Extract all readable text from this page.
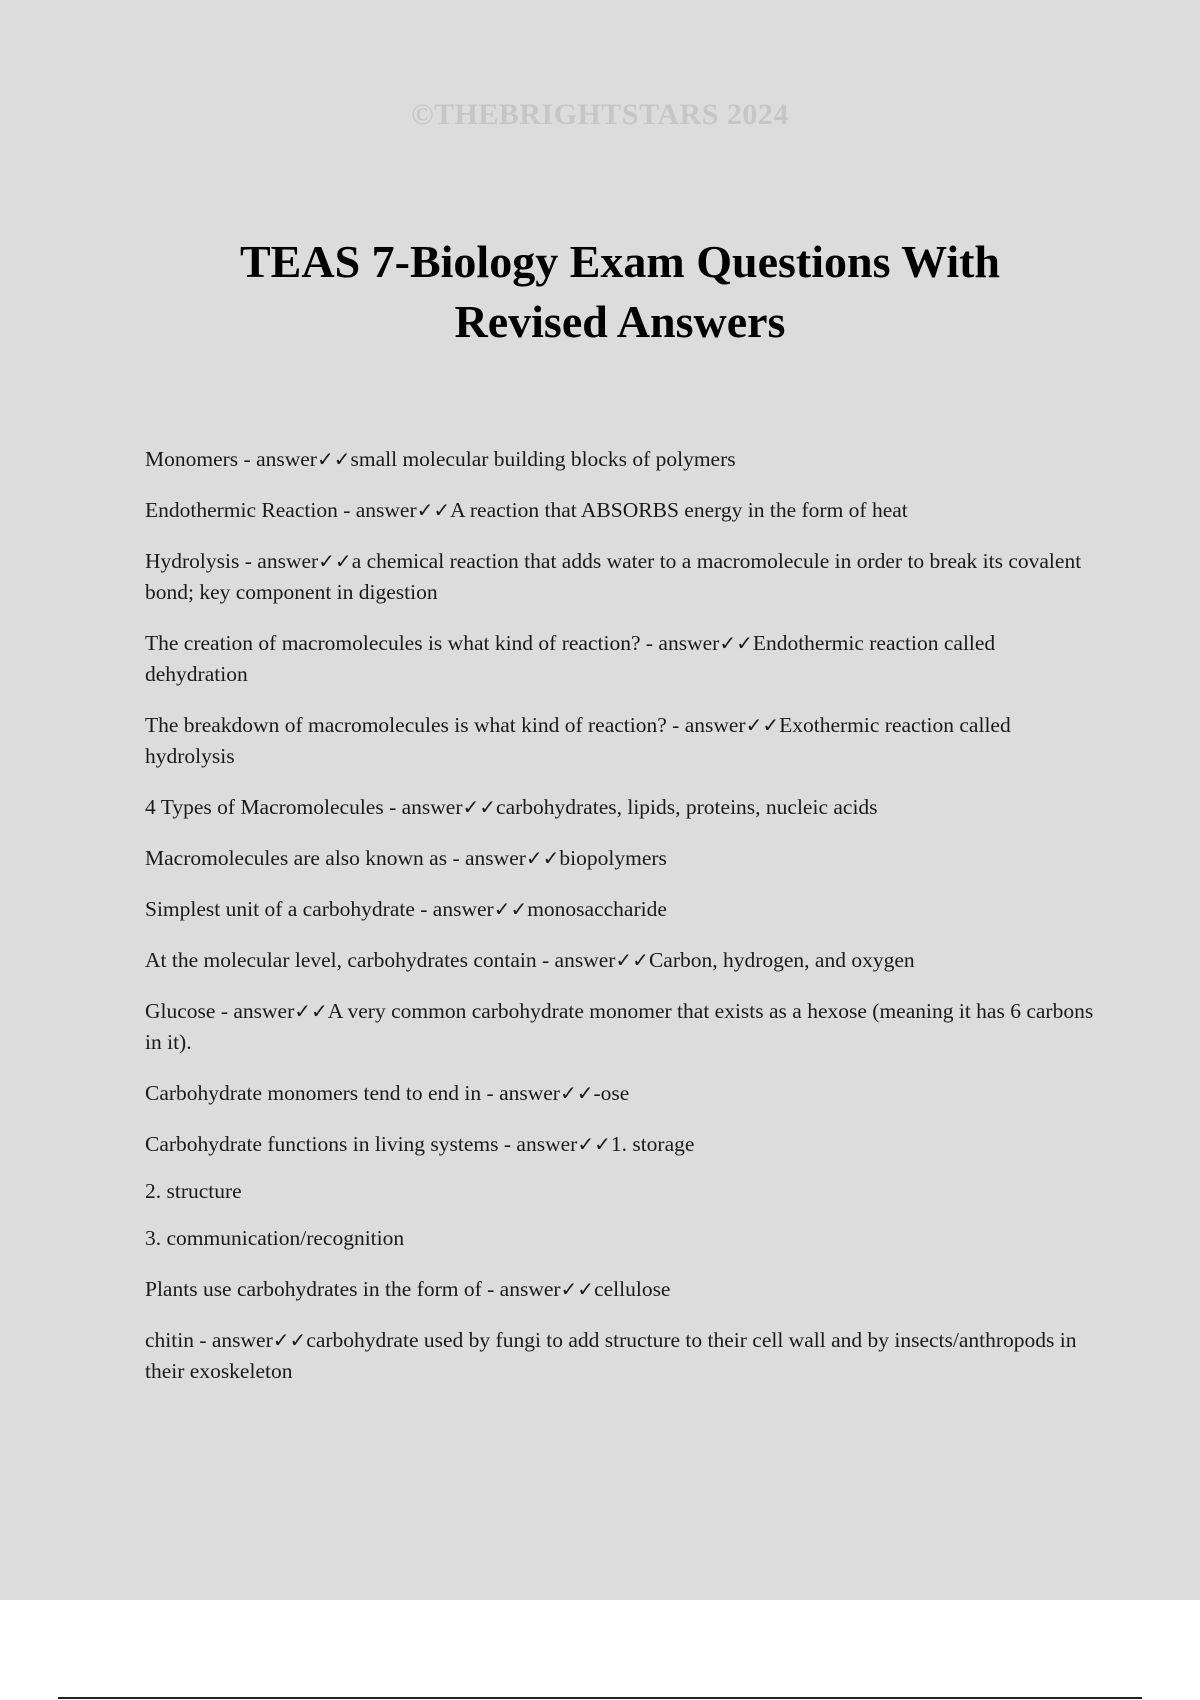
©THEBRIGHTSTARS 2024
TEAS 7-Biology Exam Questions With Revised Answers

Monomers - answer✓✓small molecular building blocks of polymers

Endothermic Reaction - answer✓✓A reaction that ABSORBS energy in the form of heat

Hydrolysis - answer✓✓a chemical reaction that adds water to a macromolecule in order to break its covalent bond; key component in digestion

The creation of macromolecules is what kind of reaction? - answer✓✓Endothermic reaction called dehydration

The breakdown of macromolecules is what kind of reaction? - answer✓✓Exothermic reaction called hydrolysis

4 Types of Macromolecules - answer✓✓carbohydrates, lipids, proteins, nucleic acids

Macromolecules are also known as - answer✓✓biopolymers

Simplest unit of a carbohydrate - answer✓✓monosaccharide

At the molecular level, carbohydrates contain - answer✓✓Carbon, hydrogen, and oxygen

Glucose - answer✓✓A very common carbohydrate monomer that exists as a hexose (meaning it has 6 carbons in it).

Carbohydrate monomers tend to end in - answer✓✓-ose

Carbohydrate functions in living systems - answer✓✓1. storage

2. structure

3. communication/recognition

Plants use carbohydrates in the form of - answer✓✓cellulose

chitin - answer✓✓carbohydrate used by fungi to add structure to their cell wall and by insects/anthropods in their exoskeleton
